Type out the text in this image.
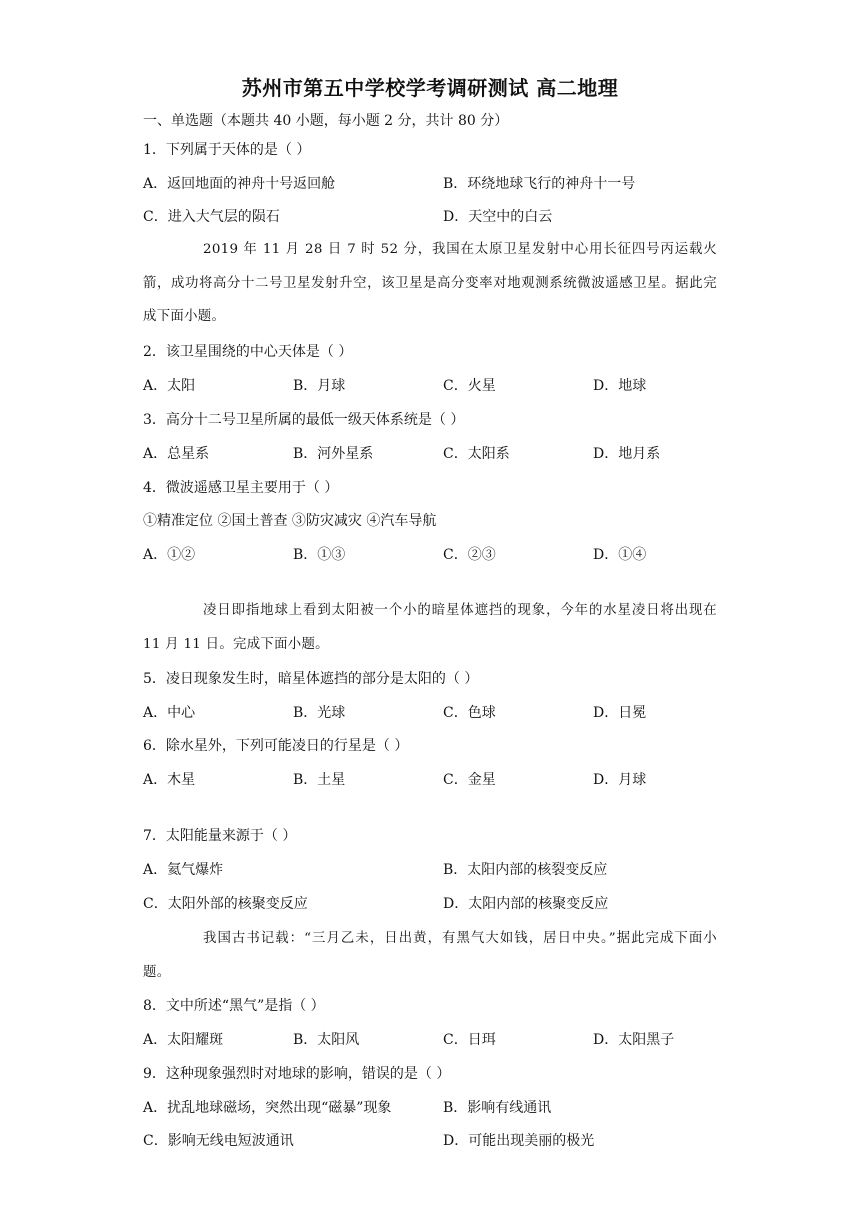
苏州市第五中学校学考调研测试 高二地理
一、单选题（本题共 40 小题，每小题 2 分，共计 80 分）
1．下列属于天体的是（ ）
A．返回地面的神舟十号返回舱	B．环绕地球飞行的神舟十一号
C．进入大气层的陨石	D．天空中的白云
2019 年 11 月 28 日 7 时 52 分，我国在太原卫星发射中心用长征四号丙运载火箭，成功将高分十二号卫星发射升空，该卫星是高分变率对地观测系统微波遥感卫星。据此完成下面小题。
2．该卫星围绕的中心天体是（ ）
A．太阳	B．月球	C．火星	D．地球
3．高分十二号卫星所属的最低一级天体系统是（ ）
A．总星系	B．河外星系	C．太阳系	D．地月系
4．微波遥感卫星主要用于（ ）
①精准定位 ②国土普查 ③防灾减灾 ④汽车导航
A．①②	B．①③	C．②③	D．①④
凌日即指地球上看到太阳被一个小的暗星体遮挡的现象，今年的水星凌日将出现在 11 月 11 日。完成下面小题。
5．凌日现象发生时，暗星体遮挡的部分是太阳的（ ）
A．中心	B．光球	C．色球	D．日冕
6．除水星外，下列可能凌日的行星是（ ）
A．木星	B．土星	C．金星	D．月球
7．太阳能量来源于（ ）
A．氦气爆炸	B．太阳内部的核裂变反应
C．太阳外部的核聚变反应	D．太阳内部的核聚变反应
我国古书记载：“三月乙未，日出黄，有黑气大如钱，居日中央。”据此完成下面小题。
8．文中所述“黑气”是指（ ）
A．太阳耀斑	B．太阳风	C．日珥	D．太阳黑子
9．这种现象强烈时对地球的影响，错误的是（ ）
A．扰乱地球磁场，突然出现“磁暴”现象	B．影响有线通讯
C．影响无线电短波通讯	D．可能出现美丽的极光
